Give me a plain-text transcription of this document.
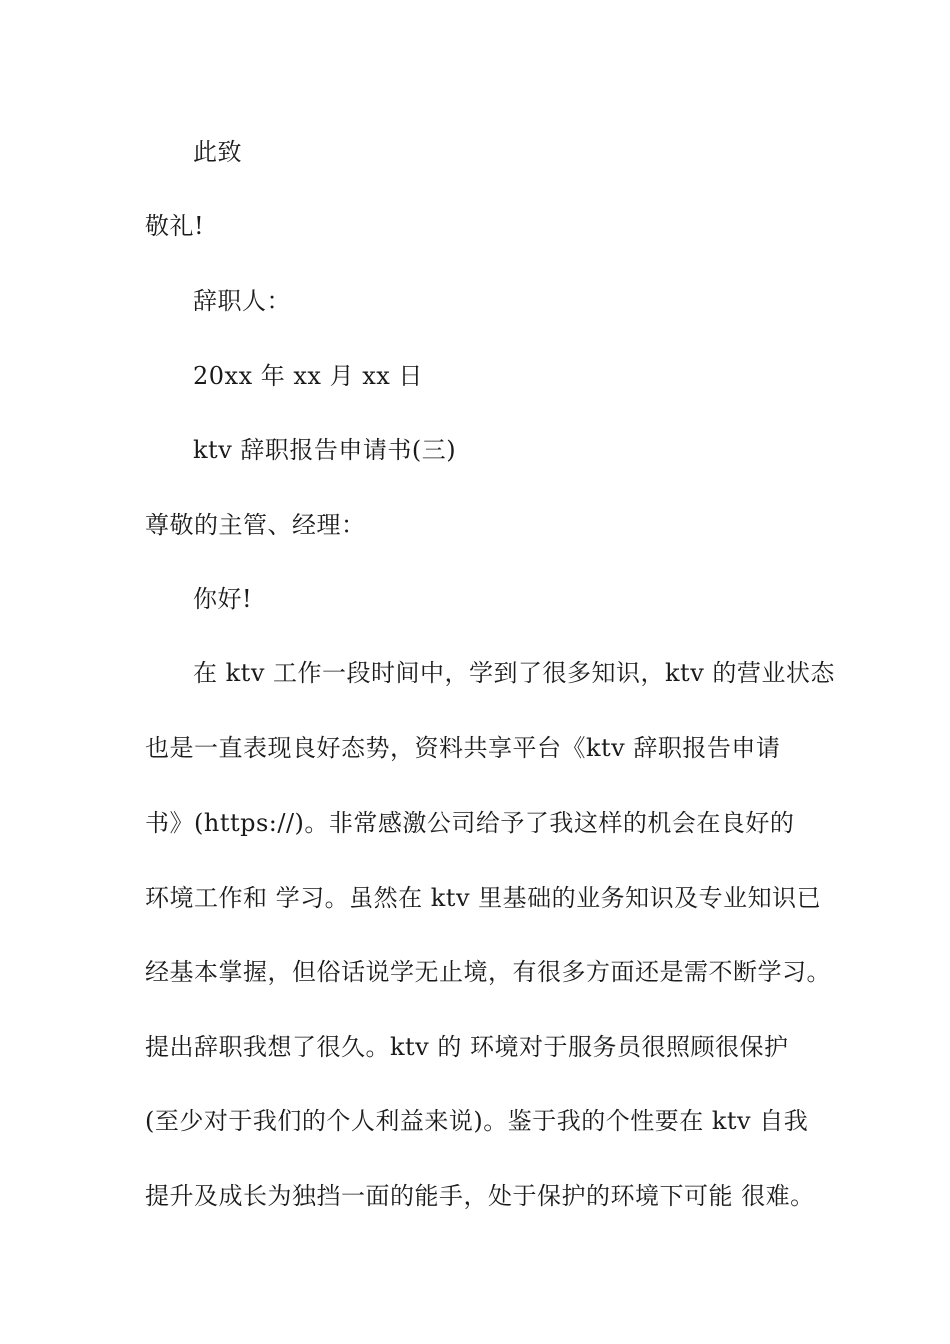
此致
敬礼!
辞职人：
20xx 年 xx 月 xx 日
ktv 辞职报告申请书(三)
尊敬的主管、经理：
你好!
在 ktv 工作一段时间中，学到了很多知识，ktv 的营业状态
也是一直表现良好态势，资料共享平台《ktv 辞职报告申请
书》(https://)。非常感激公司给予了我这样的机会在良好的
环境工作和 学习。虽然在 ktv 里基础的业务知识及专业知识已
经基本掌握，但俗话说学无止境，有很多方面还是需不断学习。
提出辞职我想了很久。ktv 的 环境对于服务员很照顾很保护
(至少对于我们的个人利益来说)。鉴于我的个性要在 ktv 自我
提升及成长为独挡一面的能手，处于保护的环境下可能 很难。
